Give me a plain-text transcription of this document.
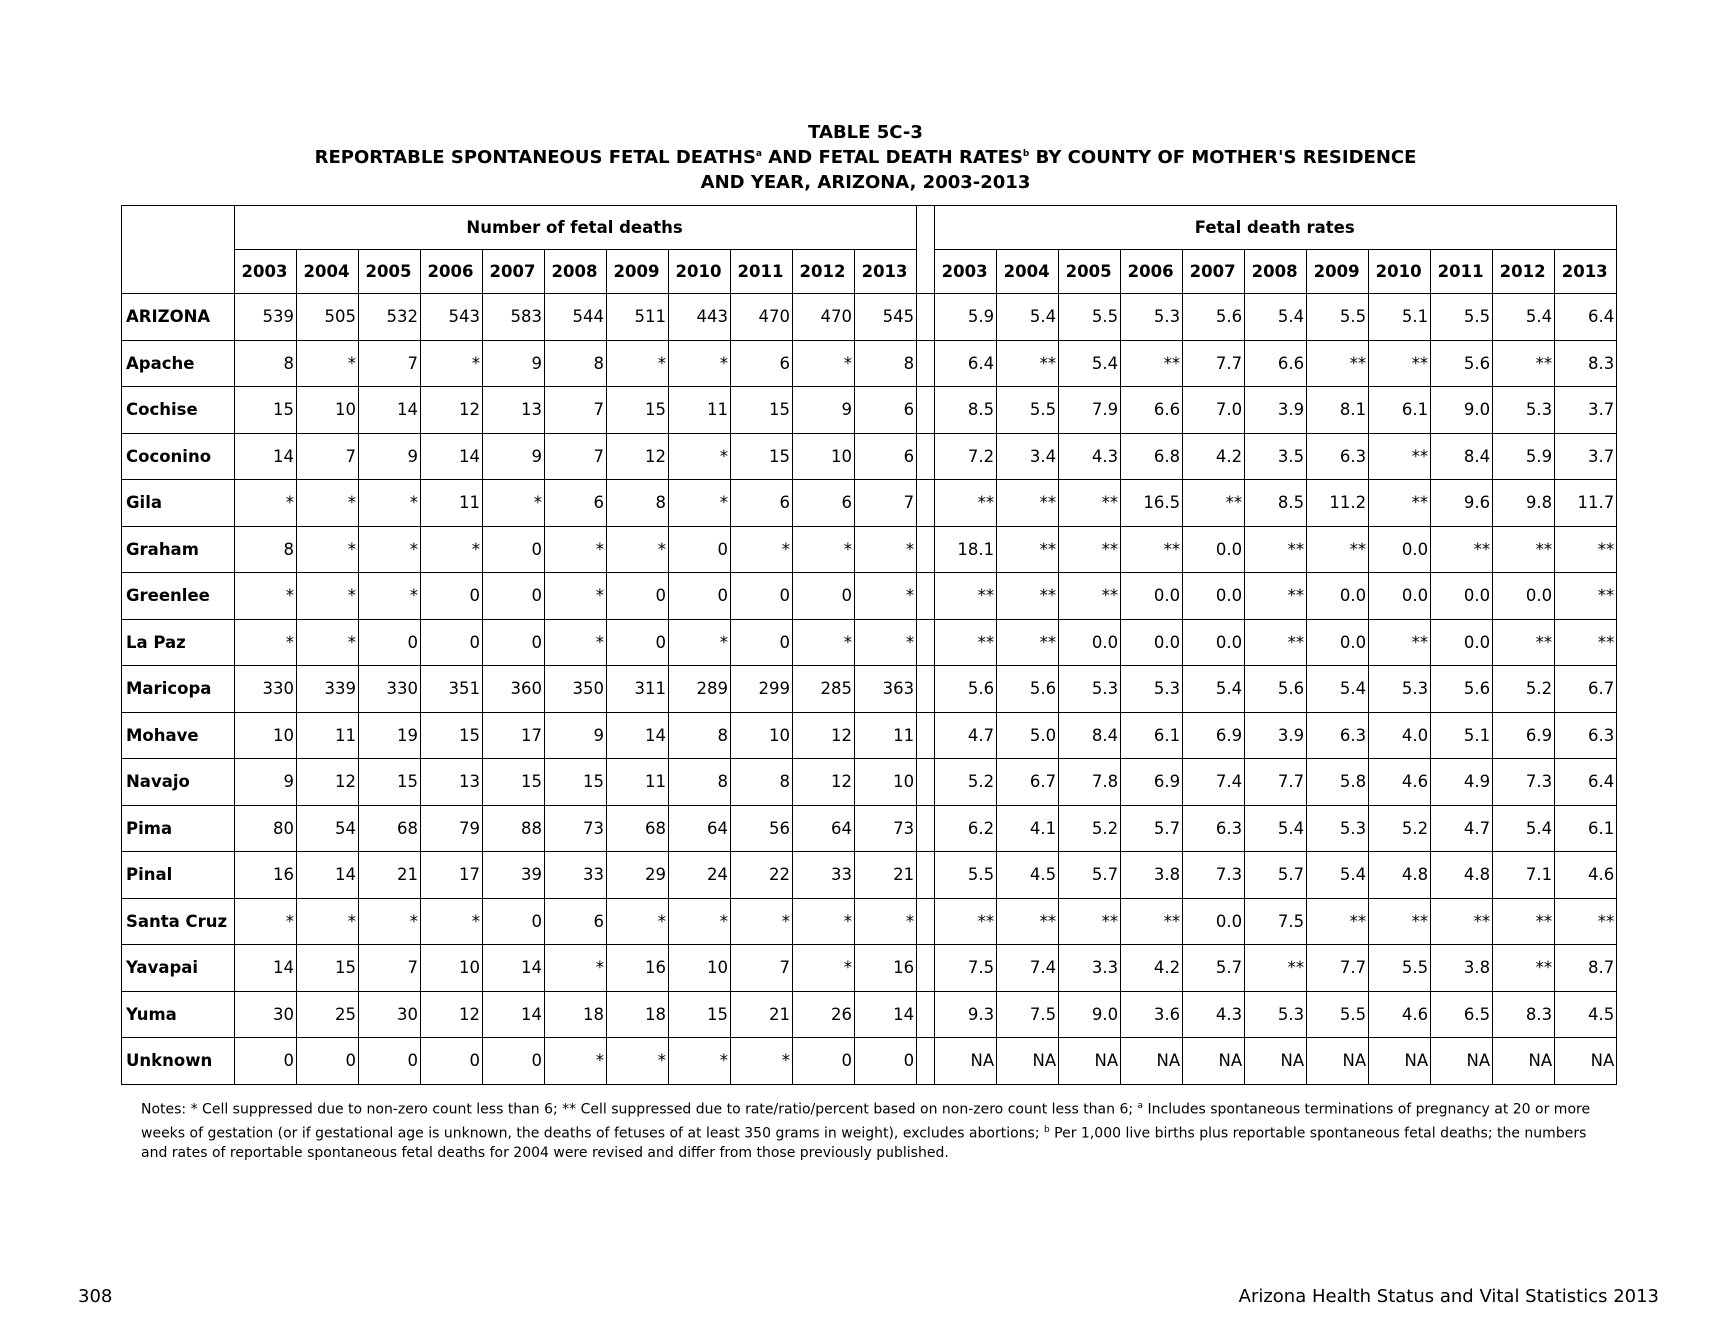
TABLE 5C-3
REPORTABLE SPONTANEOUS FETAL DEATHS$^a$ AND FETAL DEATH RATES$^b$ BY COUNTY OF MOTHER'S RESIDENCE
AND YEAR, ARIZONA, 2003-2013
	Number of fetal deaths												Fetal death rates										
	2003	2004	2005	2006	2007	2008	2009	2010	2011	2012	2013		2003	2004	2005	2006	2007	2008	2009	2010	2011	2012	2013
ARIZONA	539	505	532	543	583	544	511	443	470	470	545		5.9	5.4	5.5	5.3	5.6	5.4	5.5	5.1	5.5	5.4	6.4
Apache	8	*	7	*	9	8	*	*	6	*	8		6.4	**	5.4	**	7.7	6.6	**	**	5.6	**	8.3
Cochise	15	10	14	12	13	7	15	11	15	9	6		8.5	5.5	7.9	6.6	7.0	3.9	8.1	6.1	9.0	5.3	3.7
Coconino	14	7	9	14	9	7	12	*	15	10	6		7.2	3.4	4.3	6.8	4.2	3.5	6.3	**	8.4	5.9	3.7
Gila	*	*	*	11	*	6	8	*	6	6	7		**	**	**	16.5	**	8.5	11.2	**	9.6	9.8	11.7
Graham	8	*	*	*	0	*	*	0	*	*	*		18.1	**	**	**	0.0	**	**	0.0	**	**	**
Greenlee	*	*	*	0	0	*	0	0	0	0	*		**	**	**	0.0	0.0	**	0.0	0.0	0.0	0.0	**
La Paz	*	*	0	0	0	*	0	*	0	*	*		**	**	0.0	0.0	0.0	**	0.0	**	0.0	**	**
Maricopa	330	339	330	351	360	350	311	289	299	285	363		5.6	5.6	5.3	5.3	5.4	5.6	5.4	5.3	5.6	5.2	6.7
Mohave	10	11	19	15	17	9	14	8	10	12	11		4.7	5.0	8.4	6.1	6.9	3.9	6.3	4.0	5.1	6.9	6.3
Navajo	9	12	15	13	15	15	11	8	8	12	10		5.2	6.7	7.8	6.9	7.4	7.7	5.8	4.6	4.9	7.3	6.4
Pima	80	54	68	79	88	73	68	64	56	64	73		6.2	4.1	5.2	5.7	6.3	5.4	5.3	5.2	4.7	5.4	6.1
Pinal	16	14	21	17	39	33	29	24	22	33	21		5.5	4.5	5.7	3.8	7.3	5.7	5.4	4.8	4.8	7.1	4.6
Santa Cruz	*	*	*	*	0	6	*	*	*	*	*		**	**	**	**	0.0	7.5	**	**	**	**	**
Yavapai	14	15	7	10	14	*	16	10	7	*	16		7.5	7.4	3.3	4.2	5.7	**	7.7	5.5	3.8	**	8.7
Yuma	30	25	30	12	14	18	18	15	21	26	14		9.3	7.5	9.0	3.6	4.3	5.3	5.5	4.6	6.5	8.3	4.5
Unknown	0	0	0	0	0	*	*	*	*	0	0		NA	NA	NA	NA	NA	NA	NA	NA	NA	NA	NA
Notes: * Cell suppressed due to non-zero count less than 6; ** Cell suppressed due to rate/ratio/percent based on non-zero count less than 6; $^a$ Includes spontaneous terminations of pregnancy at 20 or more weeks of gestation (or if gestational age is unknown, the deaths of fetuses of at least 350 grams in weight), excludes abortions; $^b$ Per 1,000 live births plus reportable spontaneous fetal deaths; the numbers and rates of reportable spontaneous fetal deaths for 2004 were revised and differ from those previously published.
308	Arizona Health Status and Vital Statistics 2013
